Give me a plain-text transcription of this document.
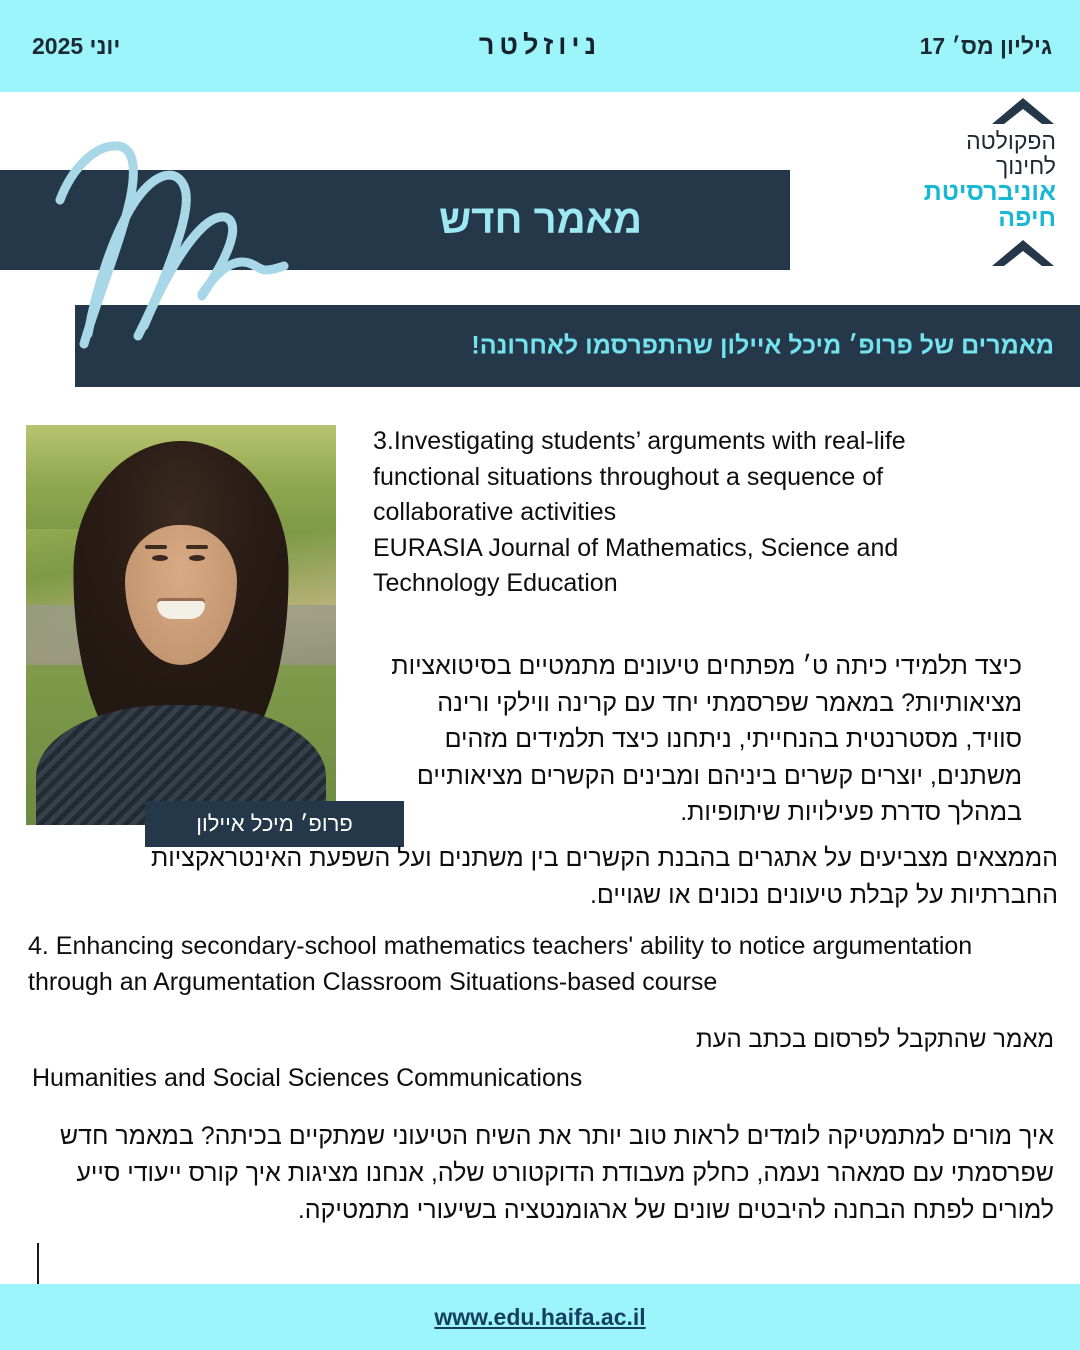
גיליון מס׳ 17
ניוזלטר
יוני 2025
הפקולטה
לחינוך
אוניברסיטת
חיפה
מאמר חדש
מאמרים של פרופ׳ מיכל איילון שהתפרסמו לאחרונה!
פרופ׳ מיכל איילון
3.Investigating students’ arguments with real-life functional situations throughout a sequence of collaborative activities
EURASIA Journal of Mathematics, Science and Technology Education
כיצד תלמידי כיתה ט׳ מפתחים טיעונים מתמטיים בסיטואציות מציאותיות? במאמר שפרסמתי יחד עם קרינה ווילקי ורינה סוויד, מסטרנטית בהנחייתי, ניתחנו כיצד תלמידים מזהים משתנים, יוצרים קשרים ביניהם ומבינים הקשרים מציאותיים במהלך סדרת פעילויות שיתופיות.
הממצאים מצביעים על אתגרים בהבנת הקשרים בין משתנים ועל השפעת האינטראקציות החברתיות על קבלת טיעונים נכונים או שגויים.
4. Enhancing secondary-school mathematics teachers' ability to notice argumentation through an Argumentation Classroom Situations-based course
מאמר שהתקבל לפרסום בכתב העת
Humanities and Social Sciences Communications
איך מורים למתמטיקה לומדים לראות טוב יותר את השיח הטיעוני שמתקיים בכיתה? במאמר חדש שפרסמתי עם סמאהר נעמה, כחלק מעבודת הדוקטורט שלה, אנחנו מציגות איך קורס ייעודי סייע למורים לפתח הבחנה להיבטים שונים של ארגומנטציה בשיעורי מתמטיקה.
www.edu.haifa.ac.il
